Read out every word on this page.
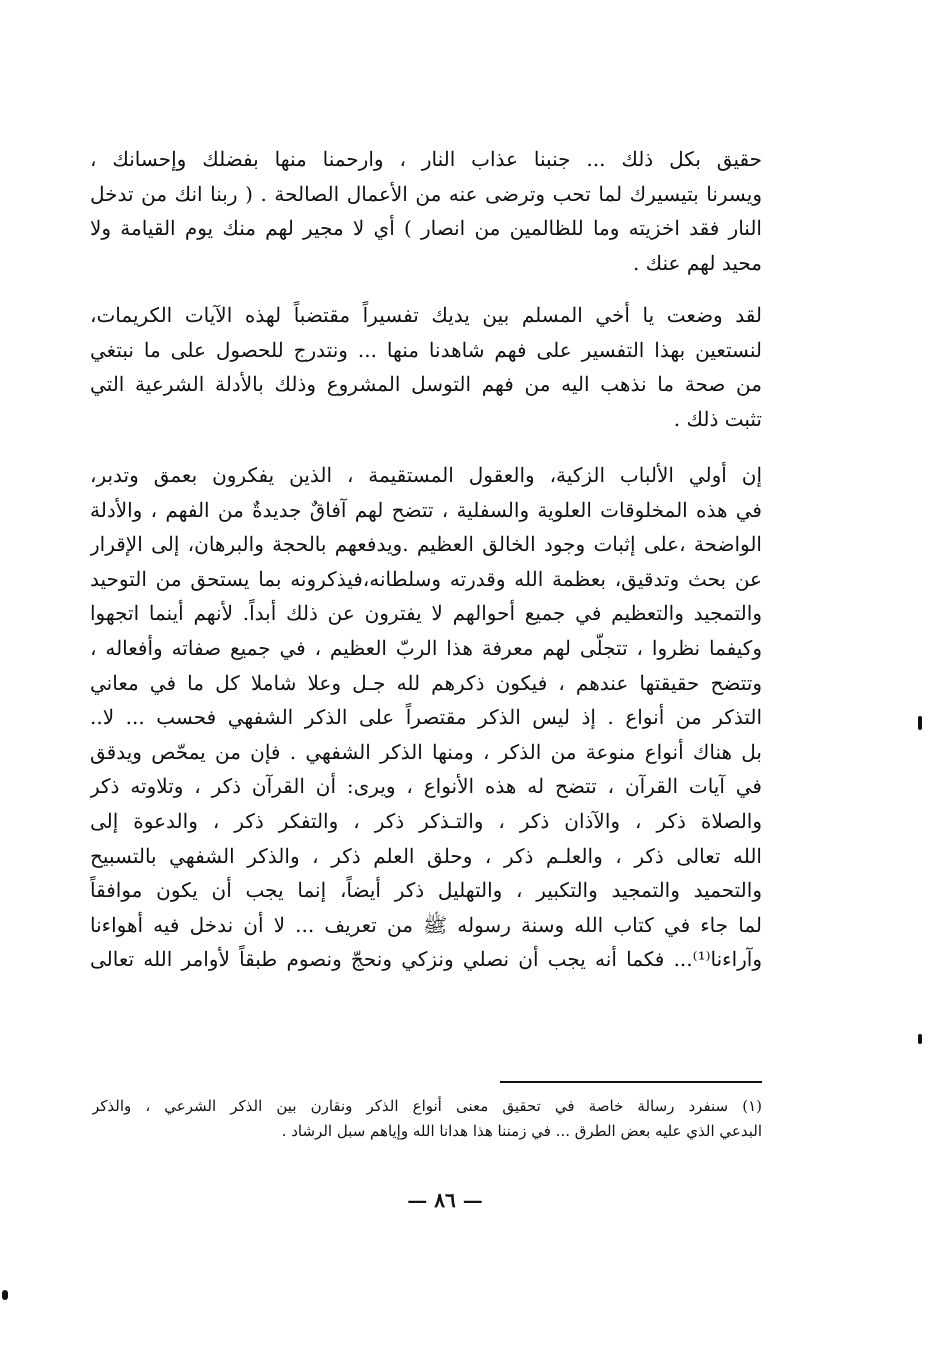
حقيق بكل ذلك ... جنبنا عذاب النار ، وارحمنا منها بفضلك وإحسانك ،
ويسرنا بتيسيرك لما تحب وترضى عنه من الأعمال الصالحة . ( ربنا انك من تدخل
النار فقد اخزيته وما للظالمين من انصار ) أي لا مجير لهم منك يوم القيامة ولا
محيد لهم عنك .
لقد وضعت يا أخي المسلم بين يديك تفسيراً مقتضباً لهذه الآيات الكريمات،
لنستعين بهذا التفسير على فهم شاهدنا منها ... ونتدرج للحصول على ما نبتغي
من صحة ما نذهب اليه من فهم التوسل المشروع وذلك بالأدلة الشرعية التي
تثبت ذلك .
إن أولي الألباب الزكية، والعقول المستقيمة ، الذين يفكرون بعمق وتدبر،
في هذه المخلوقات العلوية والسفلية ، تتضح لهم آفاقٌ جديدةٌ من الفهم ، والأدلة
الواضحة ،على إثبات وجود الخالق العظيم .ويدفعهم بالحجة والبرهان، إلى الإقرار
عن بحث وتدقيق، بعظمة الله وقدرته وسلطانه،فيذكرونه بما يستحق من التوحيد
والتمجيد والتعظيم في جميع أحوالهم لا يفترون عن ذلك أبداً. لأنهم أينما اتجهوا
وكيفما نظروا ، تتجلّى لهم معرفة هذا الربّ العظيم ، في جميع صفاته وأفعاله ،
وتتضح حقيقتها عندهم ، فيكون ذكرهم لله جـل وعلا شاملا كل ما في معاني
التذكر من أنواع . إذ ليس الذكر مقتصراً على الذكر الشفهي فحسب ... لا..
بل هناك أنواع منوعة من الذكر ، ومنها الذكر الشفهي . فإن من يمحّص ويدقق
في آيات القرآن ، تتضح له هذه الأنواع ، ويرى: أن القرآن ذكر ، وتلاوته ذكر
والصلاة ذكر ، والآذان ذكر ، والتـذكر ذكر ، والتفكر ذكر ، والدعوة إلى
الله تعالى ذكر ، والعلـم ذكر ، وحلق العلم ذكر ، والذكر الشفهي بالتسبيح
والتحميد والتمجيد والتكبير ، والتهليل ذكر أيضاً، إنما يجب أن يكون موافقاً
لما جاء في كتاب الله وسنة رسوله ﷺ من تعريف ... لا أن ندخل فيه أهواءنا
وآراءنا⁽¹⁾... فكما أنه يجب أن نصلي ونزكي ونحجّ ونصوم طبقاً لأوامر الله تعالى
(١) سنفرد رسالة خاصة في تحقيق معنى أنواع الذكر ونقارن بين الذكر الشرعي ، والذكر
البدعي الذي عليه بعض الطرق ... في زمننا هذا هدانا الله وإياهم سبل الرشاد .
— ٨٦ —
